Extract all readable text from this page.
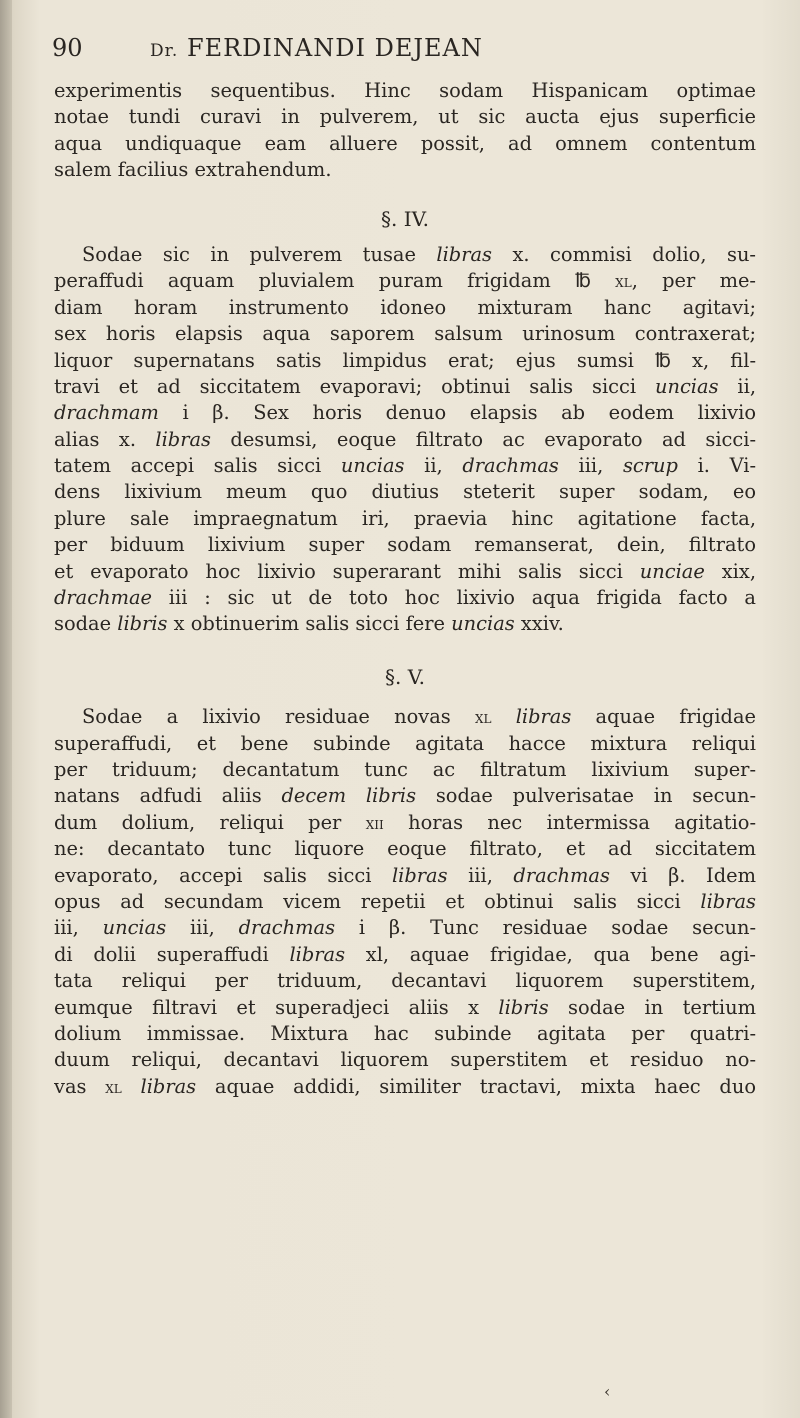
90	Dr. FERDINANDI DEJEAN
experimentis sequentibus. Hinc sodam Hispanicam optimae
notae tundi curavi in pulverem, ut sic aucta ejus superficie
aqua undiquaque eam alluere possit, ad omnem contentum
salem facilius extrahendum.
§. IV.
Sodae sic in pulverem tusae libras x. commisi dolio, su-
peraffudi aquam pluvialem puram frigidam ℔ xl, per me-
diam horam instrumento idoneo mixturam hanc agitavi;
sex horis elapsis aqua saporem salsum urinosum contraxerat;
liquor supernatans satis limpidus erat; ejus sumsi ℔ x, fil-
travi et ad siccitatem evaporavi; obtinui salis sicci uncias ii,
drachmam i β. Sex horis denuo elapsis ab eodem lixivio
alias x. libras desumsi, eoque filtrato ac evaporato ad sicci-
tatem accepi salis sicci uncias ii, drachmas iii, scrup i. Vi-
dens lixivium meum quo diutius steterit super sodam, eo
plure sale impraegnatum iri, praevia hinc agitatione facta,
per biduum lixivium super sodam remanserat, dein, filtrato
et evaporato hoc lixivio superarant mihi salis sicci unciae xix,
drachmae iii : sic ut de toto hoc lixivio aqua frigida facto a
sodae libris x obtinuerim salis sicci fere uncias xxiv.
§. V.
Sodae a lixivio residuae novas xl libras aquae frigidae
superaffudi, et bene subinde agitata hacce mixtura reliqui
per triduum; decantatum tunc ac filtratum lixivium super-
natans adfudi aliis decem libris sodae pulverisatae in secun-
dum dolium, reliqui per xii horas nec intermissa agitatio-
ne: decantato tunc liquore eoque filtrato, et ad siccitatem
evaporato, accepi salis sicci libras iii, drachmas vi β. Idem
opus ad secundam vicem repetii et obtinui salis sicci libras
iii, uncias iii, drachmas i β. Tunc residuae sodae secun-
di dolii superaffudi libras xl, aquae frigidae, qua bene agi-
tata reliqui per triduum, decantavi liquorem superstitem,
eumque filtravi et superadjeci aliis x libris sodae in tertium
dolium immissae. Mixtura hac subinde agitata per quatri-
duum reliqui, decantavi liquorem superstitem et residuo no-
vas xl libras aquae addidi, similiter tractavi, mixta haec duo
‹
